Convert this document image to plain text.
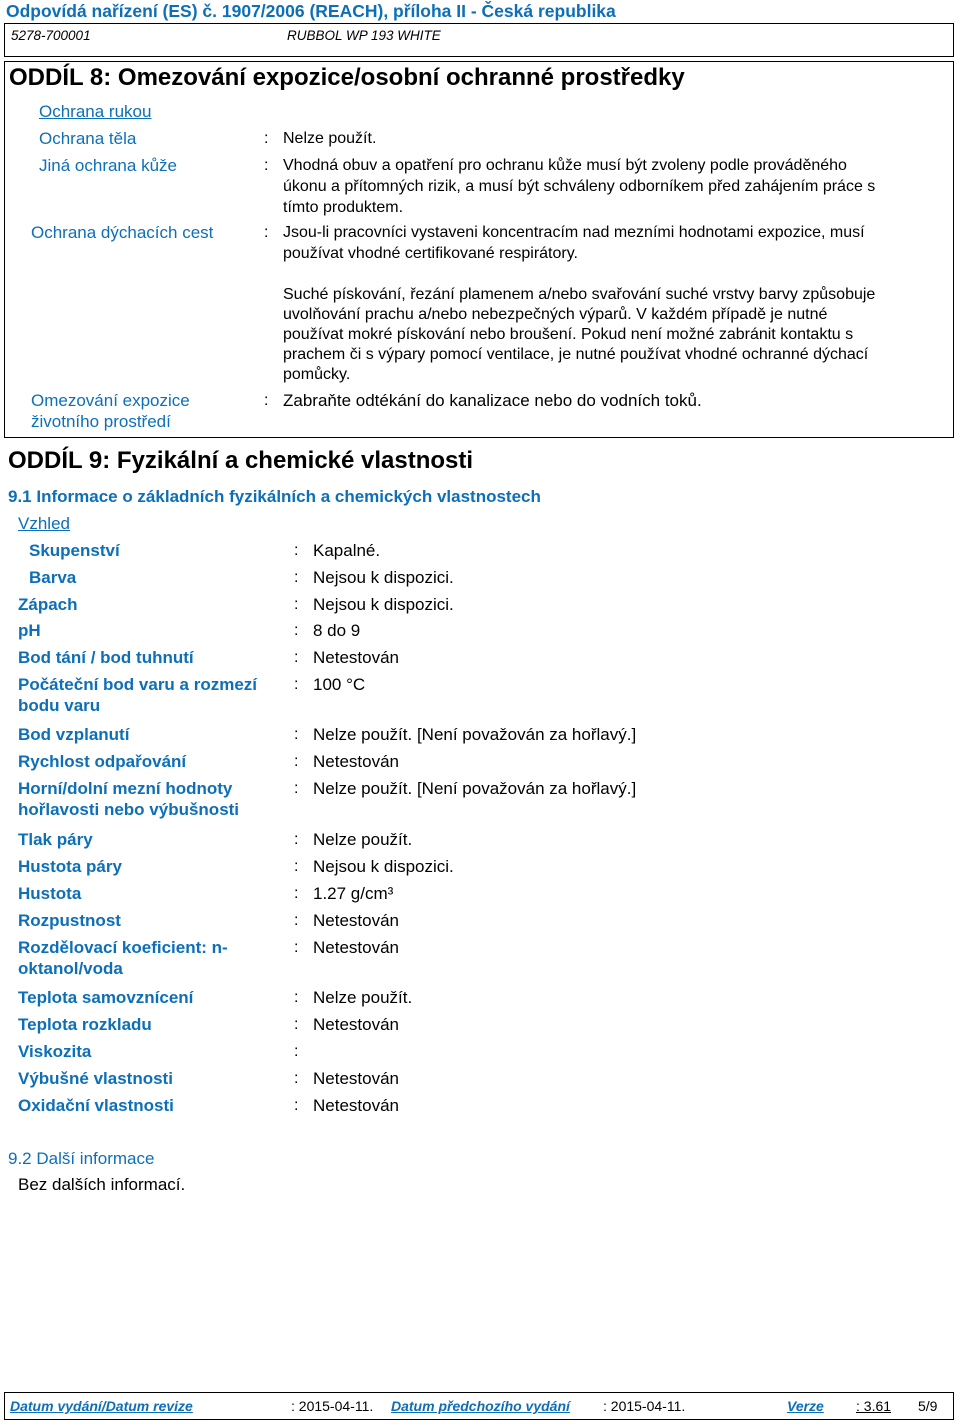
Odpovídá nařízení (ES) č. 1907/2006 (REACH), příloha II - Česká republika
5278-700001	RUBBOL WP 193 WHITE
ODDÍL 8: Omezování expozice/osobní ochranné prostředky
Ochrana rukou
Ochrana těla	: Nelze použít.
Jiná ochrana kůže	: Vhodná obuv a opatření pro ochranu kůže musí být zvoleny podle prováděného
úkonu a přítomných rizik, a musí být schváleny odborníkem před zahájením práce s
tímto produktem.
Ochrana dýchacích cest	: Jsou-li pracovníci vystaveni koncentracím nad mezními hodnotami expozice, musí
používat vhodné certifikované respirátory.
Suché pískování, řezání plamenem a/nebo svařování suché vrstvy barvy způsobuje
uvolňování prachu a/nebo nebezpečných výparů. V každém případě je nutné
používat mokré pískování nebo broušení. Pokud není možné zabránit kontaktu s
prachem či s výpary pomocí ventilace, je nutné používat vhodné ochranné dýchací
pomůcky.
Omezování expozice
životního prostředí
: Zabraňte odtékání do kanalizace nebo do vodních toků.
ODDÍL 9: Fyzikální a chemické vlastnosti
9.1 Informace o základních fyzikálních a chemických vlastnostech
Vzhled
Skupenství	: Kapalné.
Barva	: Nejsou k dispozici.
Zápach	: Nejsou k dispozici.
pH	: 8 do 9
Bod tání / bod tuhnutí	: Netestován
Počáteční bod varu a rozmezí
bodu varu
: 100 °C
Bod vzplanutí	: Nelze použít. [Není považován za hořlavý.]
Rychlost odpařování	: Netestován
Horní/dolní mezní hodnoty
hořlavosti nebo výbušnosti
: Nelze použít. [Není považován za hořlavý.]
Tlak páry	: Nelze použít.
Hustota páry	: Nejsou k dispozici.
Hustota	: 1.27 g/cm³
Rozpustnost	: Netestován
Rozdělovací koeficient: n-
oktanol/voda
: Netestován
Teplota samovznícení	: Nelze použít.
Teplota rozkladu	: Netestován
Viskozita	:
Výbušné vlastnosti	: Netestován
Oxidační vlastnosti	: Netestován
9.2 Další informace
Bez dalších informací.
Datum vydání/Datum revize	: 2015-04-11. Datum předchozího vydání : 2015-04-11.	Verze : 3.61 5/9
